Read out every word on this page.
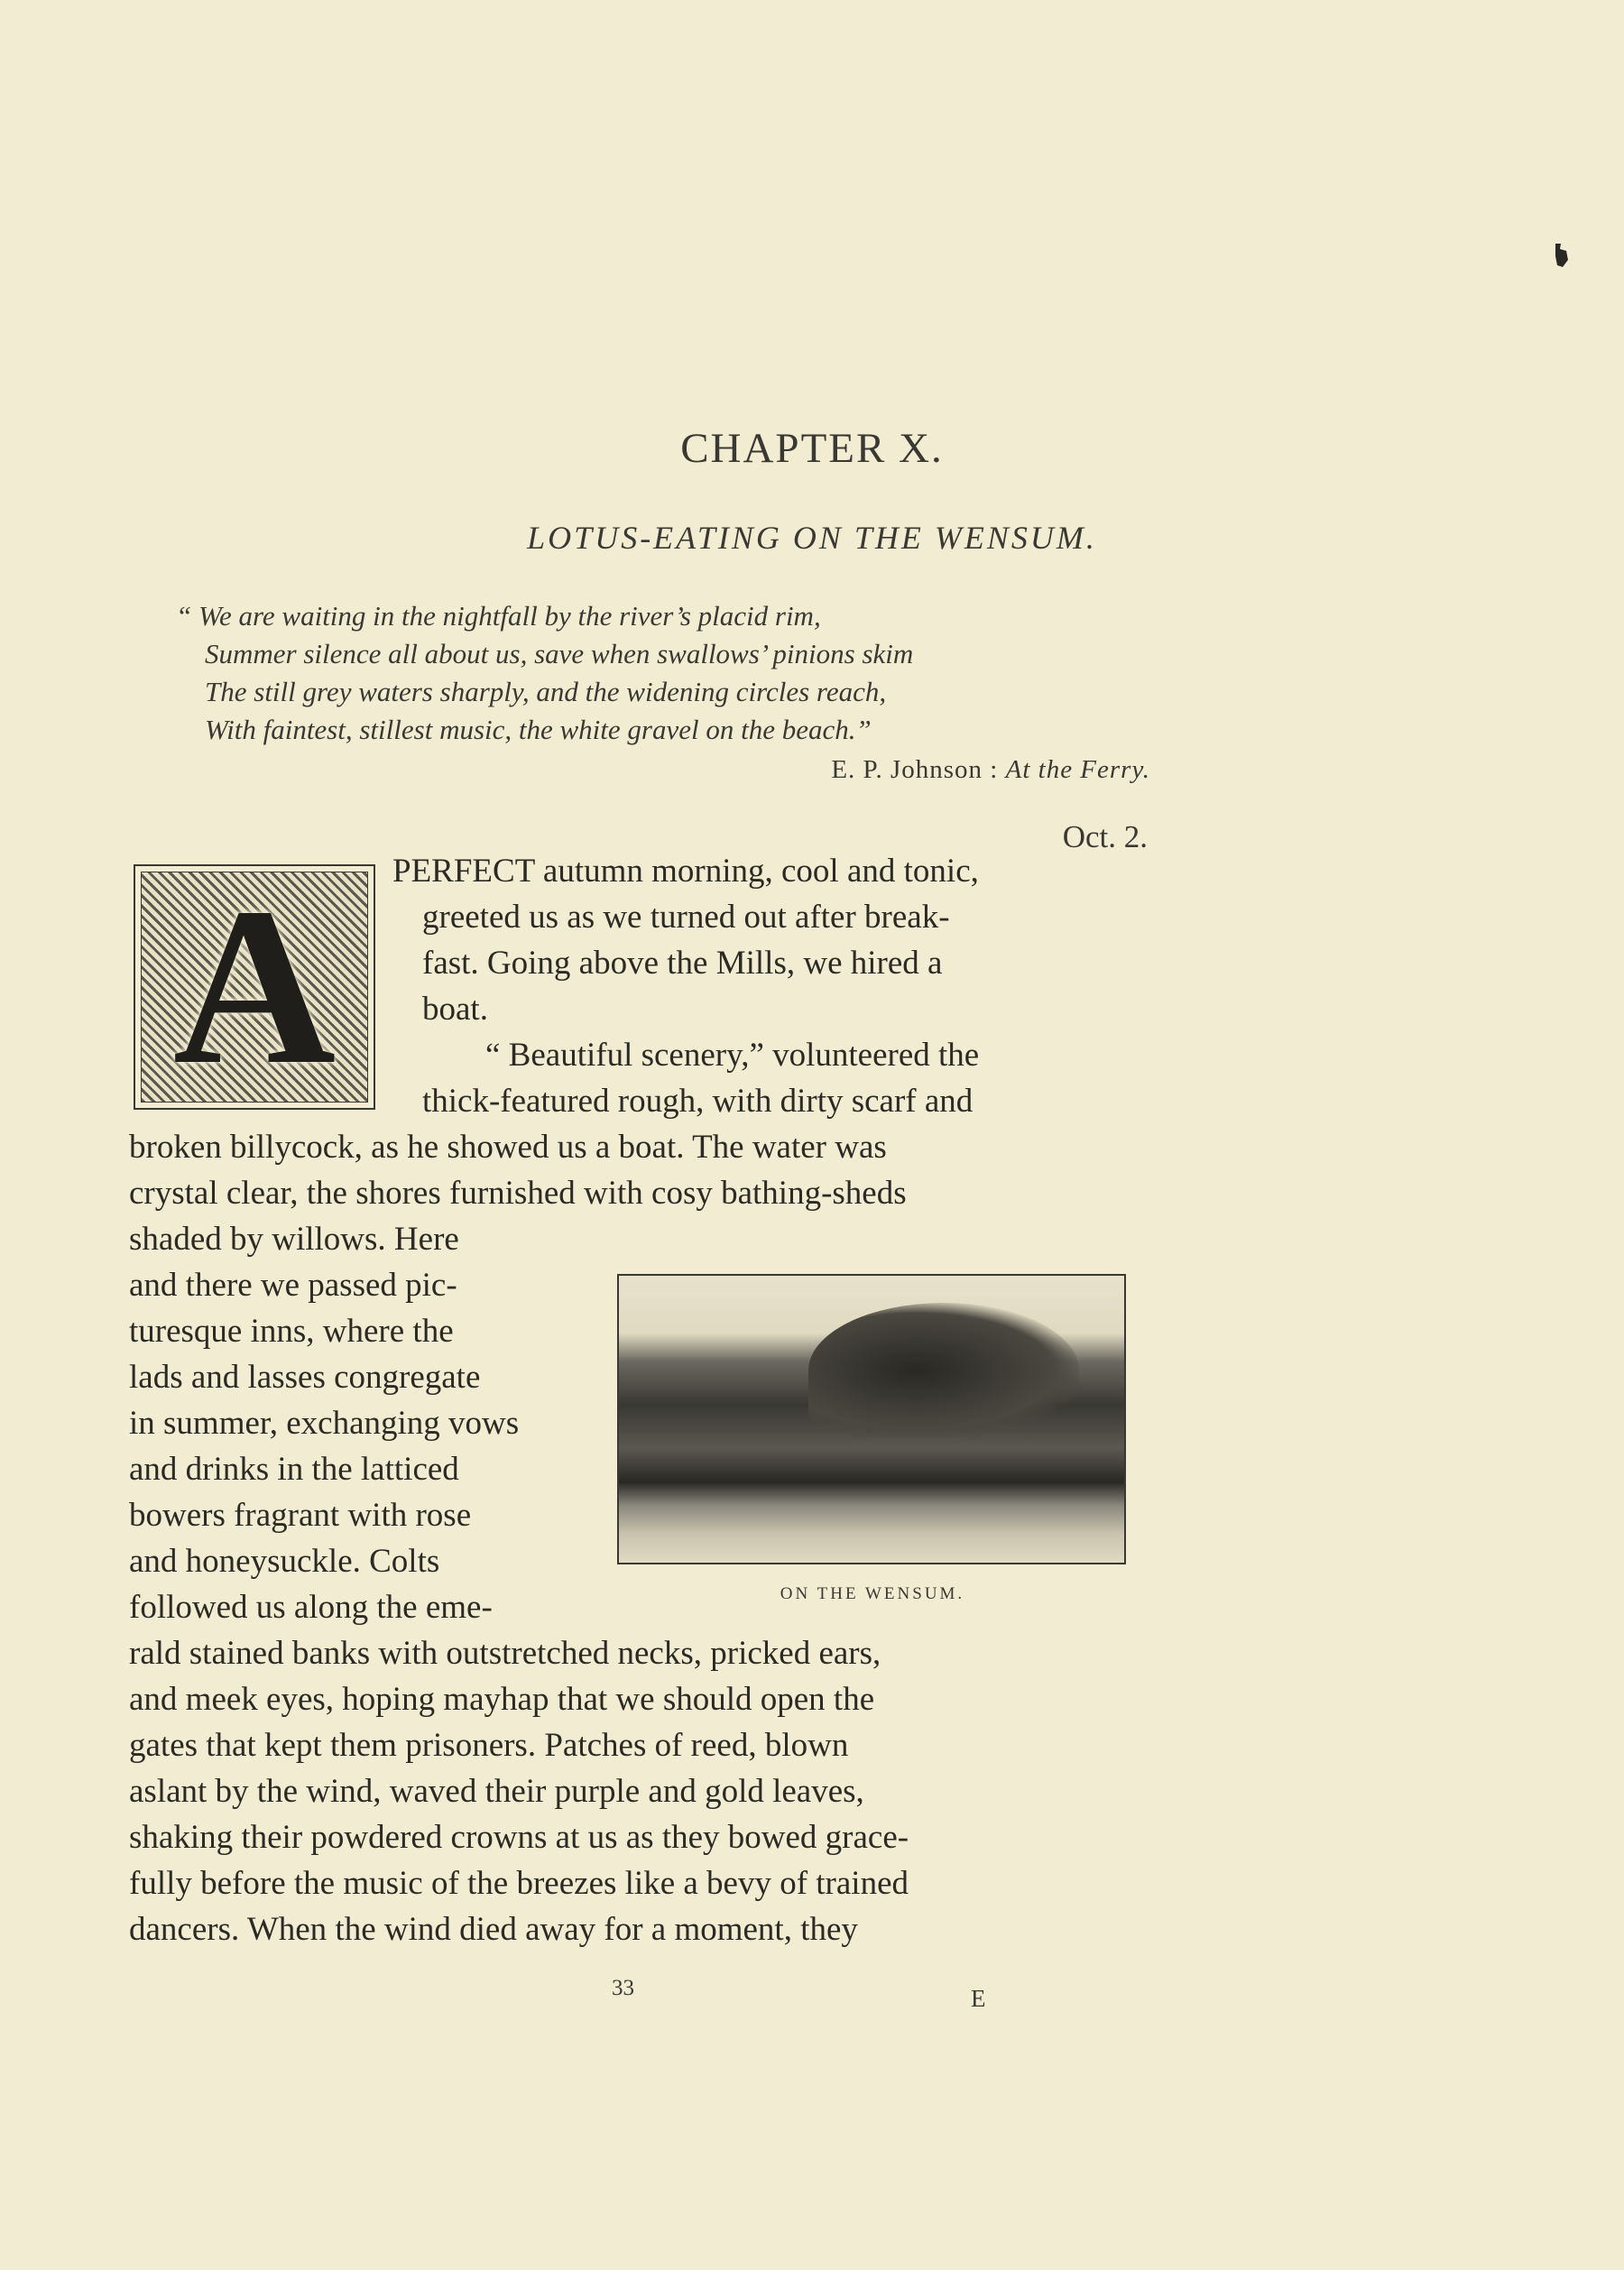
CHAPTER X.
LOTUS-EATING ON THE WENSUM.
“ We are waiting in the nightfall by the river’s placid rim,
Summer silence all about us, save when swallows’ pinions skim
The still grey waters sharply, and the widening circles reach,
With faintest, stillest music, the white gravel on the beach.”
E. P. Johnson : At the Ferry.
Oct. 2.
A	PERFECT autumn morning, cool and tonic,
greeted us as we turned out after break-
fast. Going above the Mills, we hired a
boat.
“ Beautiful scenery,” volunteered the
thick-featured rough, with dirty scarf and
broken billycock, as he showed us a boat. The water was
crystal clear, the shores furnished with cosy bathing-sheds
shaded by willows. Here
and there we passed pic-
turesque inns, where the
lads and lasses congregate
in summer, exchanging vows
and drinks in the latticed
bowers fragrant with rose
and honeysuckle. Colts
followed us along the eme-
rald stained banks with outstretched necks, pricked ears,
and meek eyes, hoping mayhap that we should open the
gates that kept them prisoners. Patches of reed, blown
aslant by the wind, waved their purple and gold leaves,
shaking their powdered crowns at us as they bowed grace-
fully before the music of the breezes like a bevy of trained
dancers. When the wind died away for a moment, they
ON THE WENSUM.
33	E
